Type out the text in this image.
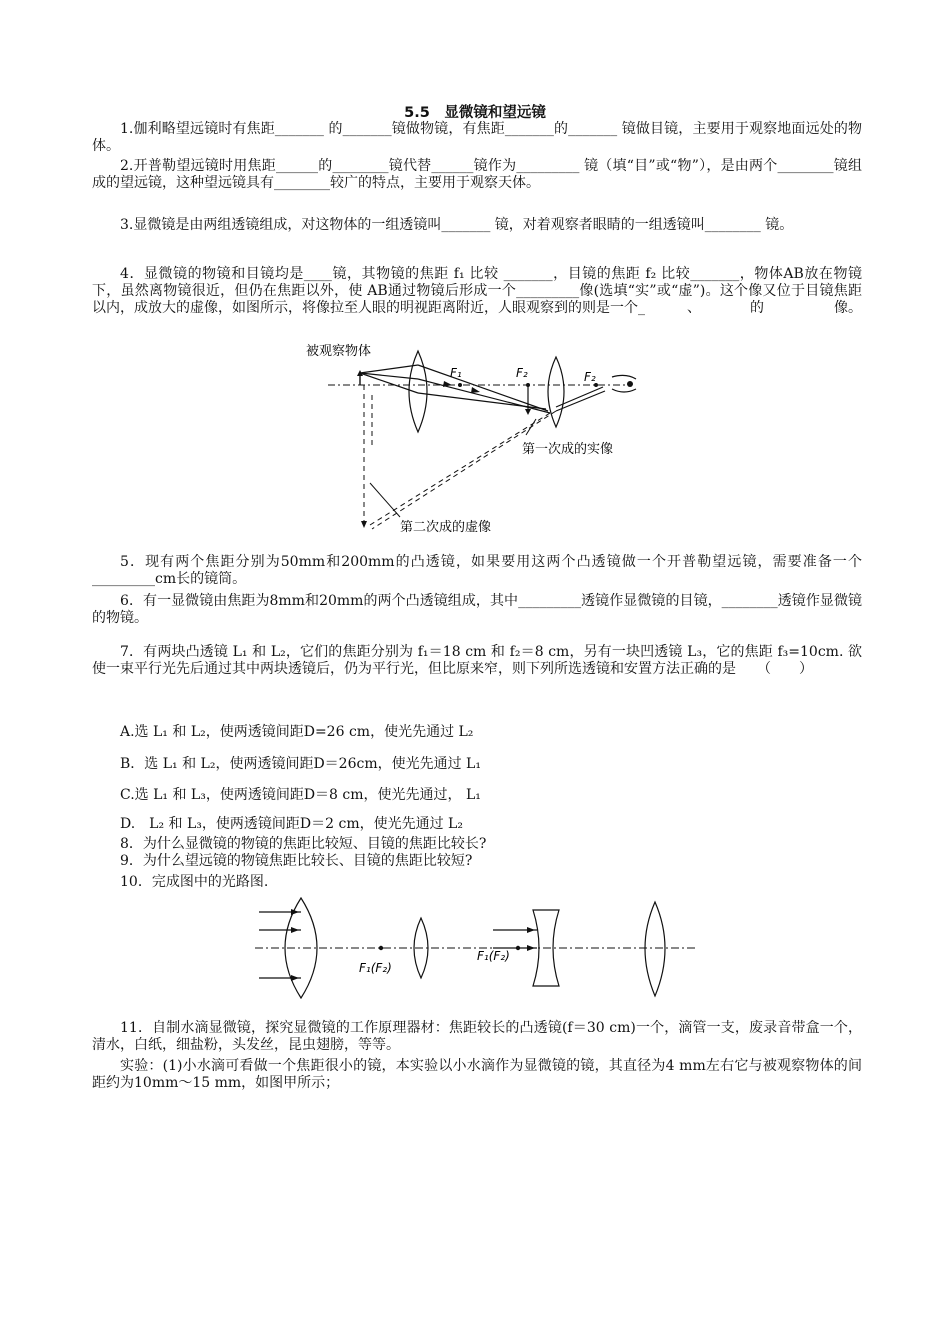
5.5　显微镜和望远镜

1.伽利略望远镜时有焦距_______ 的_______镜做物镜，有焦距_______的_______ 镜做目镜，主要用于观察地面远处的物体。

2.开普勒望远镜时用焦距______的________镜代替______镜作为_________ 镜（填“目”或“物”），是由两个________镜组成的望远镜，这种望远镜具有________较广的特点，主要用于观察天体。

3.显微镜是由两组透镜组成，对这物体的一组透镜叫_______ 镜，对着观察者眼睛的一组透镜叫________ 镜。

4．显微镜的物镜和目镜均是____镜，其物镜的焦距 f₁ 比较 _______，目镜的焦距 f₂ 比较_______，物体AB放在物镜下，虽然离物镜很近，但仍在焦距以外，使 AB通过物镜后形成一个_________像(选填“实”或“虚”)。这个像又位于目镜焦距以内，成放大的虚像，如图所示，将像拉至人眼的明视距离附近，人眼观察到的则是一个_　　　、　　　　的　　　　　像。

被观察物体
F₁	F₂	F₂
第一次成的实像
第二次成的虚像

5．现有两个焦距分别为50mm和200mm的凸透镜，如果要用这两个凸透镜做一个开普勒望远镜，需要准备一个_________cm长的镜筒。

6．有一显微镜由焦距为8mm和20mm的两个凸透镜组成，其中_________透镜作显微镜的目镜，________透镜作显微镜的物镜。

7．有两块凸透镜 L₁ 和 L₂，它们的焦距分别为 f₁＝18 cm 和 f₂＝8 cm，另有一块凹透镜 L₃，它的焦距 f₃=10cm. 欲使一束平行光先后通过其中两块透镜后，仍为平行光，但比原来窄，则下列所选透镜和安置方法正确的是　　（　　）

A.选 L₁ 和 L₂，使两透镜间距D=26 cm，使光先通过 L₂

B．选 L₁ 和 L₂，使两透镜间距D＝26cm，使光先通过 L₁

C.选 L₁ 和 L₃，使两透镜间距D＝8 cm，使光先通过， L₁

D.　L₂ 和 L₃，使两透镜间距D＝2 cm，使光先通过 L₂

8．为什么显微镜的物镜的焦距比较短、目镜的焦距比较长?

9．为什么望远镜的物镜焦距比较长、目镜的焦距比较短?

10．完成图中的光路图.

F₁(F₂)
F₁(F₂)

11．自制水滴显微镜，探究显微镜的工作原理器材：焦距较长的凸透镜(f＝30 cm)一个，滴管一支，废录音带盒一个，清水，白纸，细盐粉，头发丝，昆虫翅膀，等等。

实验：(1)小水滴可看做一个焦距很小的镜，本实验以小水滴作为显微镜的镜，其直径为4 mm左右它与被观察物体的间距约为10mm～15 mm，如图甲所示；
